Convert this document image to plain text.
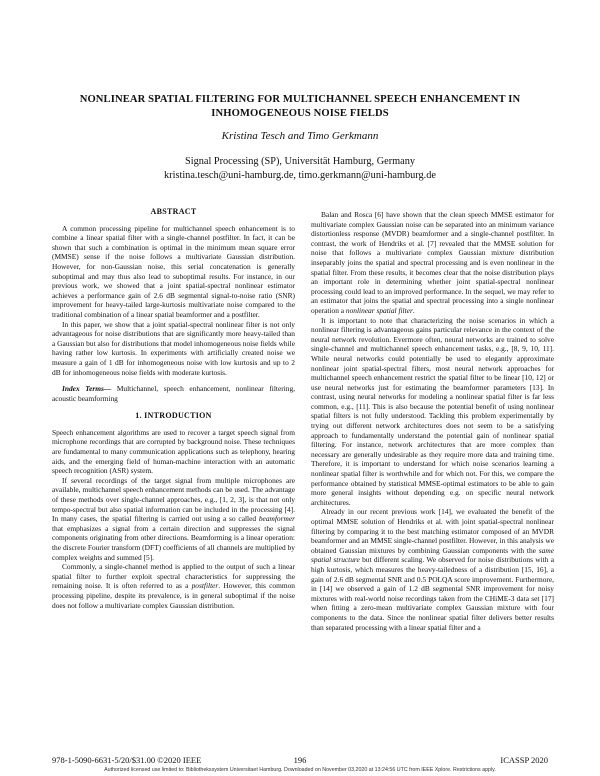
NONLINEAR SPATIAL FILTERING FOR MULTICHANNEL SPEECH ENHANCEMENT IN INHOMOGENEOUS NOISE FIELDS
Kristina Tesch and Timo Gerkmann
Signal Processing (SP), Universität Hamburg, Germany
kristina.tesch@uni-hamburg.de, timo.gerkmann@uni-hamburg.de
ABSTRACT

A common processing pipeline for multichannel speech enhancement is to combine a linear spatial filter with a single-channel postfilter. In fact, it can be shown that such a combination is optimal in the minimum mean square error (MMSE) sense if the noise follows a multivariate Gaussian distribution. However, for non-Gaussian noise, this serial concatenation is generally suboptimal and may thus also lead to suboptimal results. For instance, in our previous work, we showed that a joint spatial-spectral nonlinear estimator achieves a performance gain of 2.6 dB segmental signal-to-noise ratio (SNR) improvement for heavy-tailed large-kurtosis multivariate noise compared to the traditional combination of a linear spatial beamformer and a postfilter.

In this paper, we show that a joint spatial-spectral nonlinear filter is not only advantageous for noise distributions that are significantly more heavy-tailed than a Gaussian but also for distributions that model inhomogeneous noise fields while having rather low kurtosis. In experiments with artificially created noise we measure a gain of 1 dB for inhomogeneous noise with low kurtosis and up to 2 dB for inhomogeneous noise fields with moderate kurtosis.

Index Terms— Multichannel, speech enhancement, nonlinear filtering, acoustic beamforming

1. INTRODUCTION

Speech enhancement algorithms are used to recover a target speech signal from microphone recordings that are corrupted by background noise. These techniques are fundamental to many communication applications such as telephony, hearing aids, and the emerging field of human-machine interaction with an automatic speech recognition (ASR) system.

If several recordings of the target signal from multiple microphones are available, multichannel speech enhancement methods can be used. The advantage of these methods over single-channel approaches, e.g., [1, 2, 3], is that not only tempo-spectral but also spatial information can be included in the processing [4]. In many cases, the spatial filtering is carried out using a so called beamformer that emphasizes a signal from a certain direction and suppresses the signal components originating from other directions. Beamforming is a linear operation: the discrete Fourier transform (DFT) coefficients of all channels are multiplied by complex weights and summed [5].

Commonly, a single-channel method is applied to the output of such a linear spatial filter to further exploit spectral characteristics for suppressing the remaining noise. It is often referred to as a postfilter. However, this common processing pipeline, despite its prevalence, is in general suboptimal if the noise does not follow a multivariate complex Gaussian distribution.

Balan and Rosca [6] have shown that the clean speech MMSE estimator for multivariate complex Gaussian noise can be separated into an minimum variance distortionless response (MVDR) beamformer and a single-channel postfilter. In contrast, the work of Hendriks et al. [7] revealed that the MMSE solution for noise that follows a multivariate complex Gaussian mixture distribution inseparably joins the spatial and spectral processing and is even nonlinear in the spatial filter. From these results, it becomes clear that the noise distribution plays an important role in determining whether joint spatial-spectral nonlinear processing could lead to an improved performance. In the sequel, we may refer to an estimator that joins the spatial and spectral processing into a single nonlinear operation a nonlinear spatial filter.

It is important to note that characterizing the noise scenarios in which a nonlinear filtering is advantageous gains particular relevance in the context of the neural network revolution. Evermore often, neural networks are trained to solve single-channel and multichannel speech enhancement tasks, e.g., [8, 9, 10, 11]. While neural networks could potentially be used to elegantly approximate nonlinear joint spatial-spectral filters, most neural network approaches for multichannel speech enhancement restrict the spatial filter to be linear [10, 12] or use neural networks just for estimating the beamformer parameters [13]. In contrast, using neural networks for modeling a nonlinear spatial filter is far less common, e.g., [11]. This is also because the potential benefit of using nonlinear spatial filters is not fully understood. Tackling this problem experimentally by trying out different network architectures does not seem to be a satisfying approach to fundamentally understand the potential gain of nonlinear spatial filtering. For instance, network architectures that are more complex than necessary are generally undesirable as they require more data and training time. Therefore, it is important to understand for which noise scenarios learning a nonlinear spatial filter is worthwhile and for which not. For this, we compare the performance obtained by statistical MMSE-optimal estimators to be able to gain more general insights without depending e.g. on specific neural network architectures.

Already in our recent previous work [14], we evaluated the benefit of the optimal MMSE solution of Hendriks et al. with joint spatial-spectral nonlinear filtering by comparing it to the best matching estimator composed of an MVDR beamformer and an MMSE single-channel postfilter. However, in this analysis we obtained Gaussian mixtures by combining Gaussian components with the same spatial structure but different scaling. We observed for noise distributions with a high kurtosis, which measures the heavy-tailedness of a distribution [15, 16], a gain of 2.6 dB segmental SNR and 0.5 POLQA score improvement. Furthermore, in [14] we observed a gain of 1.2 dB segmental SNR improvement for noisy mixtures with real-world noise recordings taken from the CHiME-3 data set [17] when fitting a zero-mean multivariate complex Gaussian mixture with four components to the data. Since the nonlinear spatial filter delivers better results than separated processing with a linear spatial filter and a

978-1-5090-6631-5/20/$31.00 ©2020 IEEE	196	ICASSP 2020
Authorized licensed use limited to: Bibliothekssystem Universitaet Hamburg. Downloaded on November 03,2020 at 13:24:56 UTC from IEEE Xplore. Restrictions apply.
